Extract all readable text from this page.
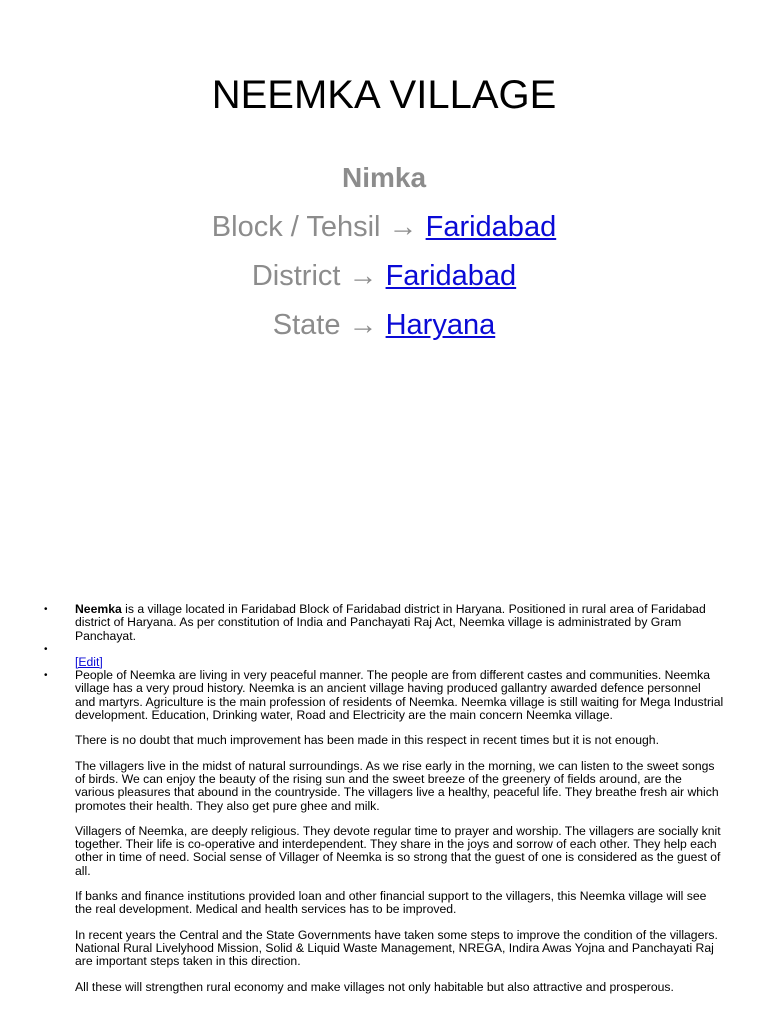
NEEMKA VILLAGE
Nimka
Block / Tehsil → Faridabad
District → Faridabad
State → Haryana
• Neemka is a village located in Faridabad Block of Faridabad district in Haryana. Positioned in rural area of Faridabad district of Haryana. As per constitution of India and Panchayati Raj Act, Neemka village is administrated by Gram Panchayat.
•
[Edit]

• People of Neemka are living in very peaceful manner. The people are from different castes and communities. Neemka village has a very proud history. Neemka is an ancient village having produced gallantry awarded defence personnel and martyrs. Agriculture is the main profession of residents of Neemka. Neemka village is still waiting for Mega Industrial development. Education, Drinking water, Road and Electricity are the main concern Neemka village.

There is no doubt that much improvement has been made in this respect in recent times but it is not enough.

The villagers live in the midst of natural surroundings. As we rise early in the morning, we can listen to the sweet songs of birds. We can enjoy the beauty of the rising sun and the sweet breeze of the greenery of fields around, are the various pleasures that abound in the countryside. The villagers live a healthy, peaceful life. They breathe fresh air which promotes their health. They also get pure ghee and milk.

Villagers of Neemka, are deeply religious. They devote regular time to prayer and worship. The villagers are socially knit together. Their life is co-operative and interdependent. They share in the joys and sorrow of each other. They help each other in time of need. Social sense of Villager of Neemka is so strong that the guest of one is considered as the guest of all.

If banks and finance institutions provided loan and other financial support to the villagers, this Neemka village will see the real development. Medical and health services has to be improved.

In recent years the Central and the State Governments have taken some steps to improve the condition of the villagers. National Rural Livelyhood Mission, Solid & Liquid Waste Management, NREGA, Indira Awas Yojna and Panchayati Raj are important steps taken in this direction.

All these will strengthen rural economy and make villages not only habitable but also attractive and prosperous.
